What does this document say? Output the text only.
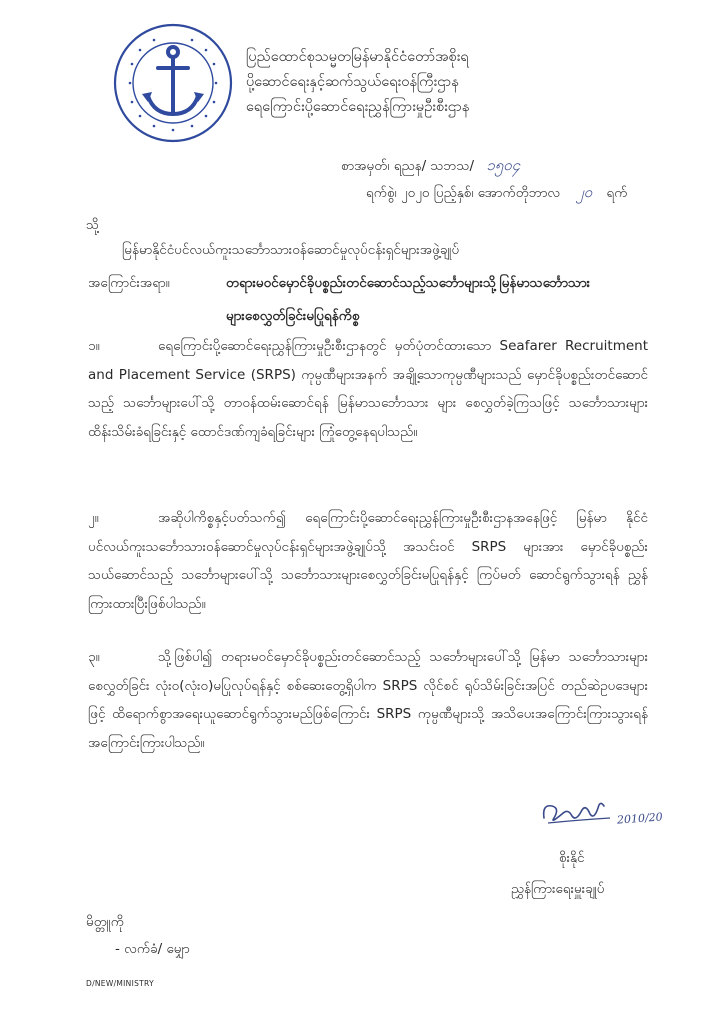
ပြည်ထောင်စုသမ္မတမြန်မာနိုင်ငံတော်အစိုးရ
ပို့ဆောင်ရေးနှင့်ဆက်သွယ်ရေးဝန်ကြီးဌာန
ရေကြောင်းပို့ဆောင်ရေးညွှန်ကြားမှုဦးစီးဌာန
စာအမှတ်၊ ရညန/ သဘသ/ ၁၅၀၄
ရက်စွဲ၊ ၂၀၂၀ ပြည့်နှစ်၊ အောက်တိုဘာလ ၂၀ ရက်
သို့
မြန်မာနိုင်ငံပင်လယ်ကူးသင်္ဘောသားဝန်ဆောင်မှုလုပ်ငန်းရှင်များအဖွဲ့ချုပ်
အကြောင်းအရာ။	တရားမဝင်မှောင်ခိုပစ္စည်းတင်ဆောင်သည့်သင်္ဘောများသို့မြန်မာသင်္ဘောသား
များစေလွှတ်ခြင်းမပြုရန်ကိစ္စ
၁။	ရေကြောင်းပို့ဆောင်ရေးညွှန်ကြားမှုဦးစီးဌာနတွင် မှတ်ပုံတင်ထားသော Seafarer Recruitment and Placement Service (SRPS) ကုမ္ပဏီများအနက် အချို့သောကုမ္ပဏီများသည် မှောင်ခိုပစ္စည်းတင်ဆောင်သည့် သင်္ဘောများပေါ်သို့ တာဝန်ထမ်းဆောင်ရန် မြန်မာသင်္ဘောသား များ စေလွှတ်ခဲ့ကြသဖြင့် သင်္ဘောသားများ ထိန်းသိမ်းခံရခြင်းနှင့် ထောင်ဒဏ်ကျခံရခြင်းများ ကြုံတွေ့နေရပါသည်။
၂။	အဆိုပါကိစ္စနှင့်ပတ်သက်၍ ရေကြောင်းပို့ဆောင်ရေးညွှန်ကြားမှုဦးစီးဌာနအနေဖြင့် မြန်မာ နိုင်ငံ ပင်လယ်ကူးသင်္ဘောသားဝန်ဆောင်မှုလုပ်ငန်းရှင်များအဖွဲ့ချုပ်သို့ အသင်းဝင် SRPS များအား မှောင်ခိုပစ္စည်းသယ်ဆောင်သည့် သင်္ဘောများပေါ်သို့ သင်္ဘောသားများစေလွှတ်ခြင်းမပြုရန်နှင့် ကြပ်မတ် ဆောင်ရွက်သွားရန် ညွှန်ကြားထားပြီးဖြစ်ပါသည်။
၃။	သို့ဖြစ်ပါ၍ တရားမဝင်မှောင်ခိုပစ္စည်းတင်ဆောင်သည့် သင်္ဘောများပေါ်သို့ မြန်မာ သင်္ဘောသားများစေလွှတ်ခြင်း လုံးဝ(လုံးဝ)မပြုလုပ်ရန်နှင့် စစ်ဆေးတွေ့ရှိပါက SRPS လိုင်စင် ရုပ်သိမ်းခြင်းအပြင် တည်ဆဲဥပဒေများဖြင့် ထိရောက်စွာအရေးယူဆောင်ရွက်သွားမည်ဖြစ်ကြောင်း SRPS ကုမ္ပဏီများသို့ အသိပေးအကြောင်းကြားသွားရန် အကြောင်းကြားပါသည်။
2010/20
စိုးနိုင်
ညွှန်ကြားရေးမှူးချုပ်
မိတ္တူကို
- လက်ခံ/ မျှော
D/NEW/MINISTRY
